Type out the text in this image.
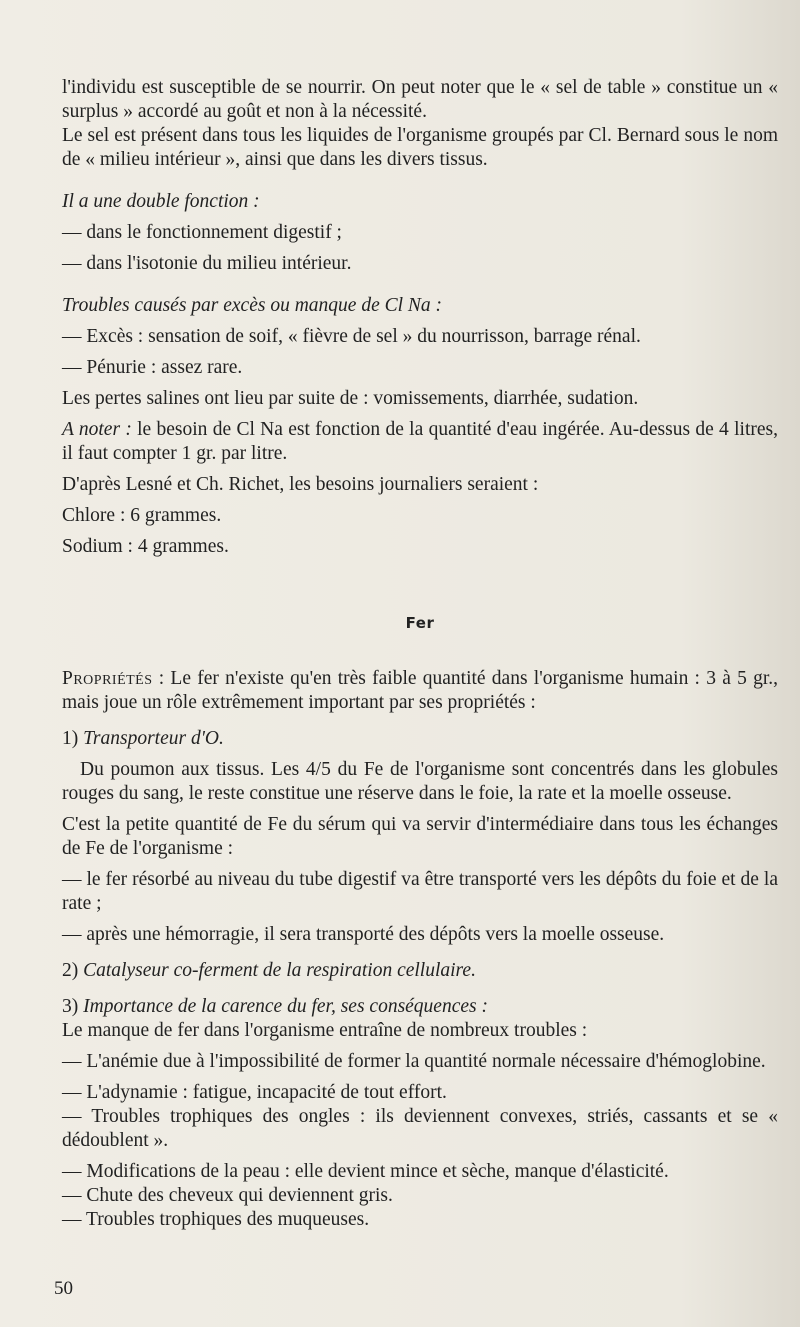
l'individu est susceptible de se nourrir. On peut noter que le « sel de table » constitue un « surplus » accordé au goût et non à la nécessité.

Le sel est présent dans tous les liquides de l'organisme groupés par Cl. Bernard sous le nom de « milieu intérieur », ainsi que dans les divers tissus.

Il a une double fonction :

— dans le fonctionnement digestif ;

— dans l'isotonie du milieu intérieur.

Troubles causés par excès ou manque de Cl Na :

— Excès : sensation de soif, « fièvre de sel » du nourrisson, barrage rénal.

— Pénurie : assez rare.

Les pertes salines ont lieu par suite de : vomissements, diarrhée, sudation.

A noter : le besoin de Cl Na est fonction de la quantité d'eau ingérée. Au-dessus de 4 litres, il faut compter 1 gr. par litre.

D'après Lesné et Ch. Richet, les besoins journaliers seraient :

Chlore : 6 grammes.

Sodium : 4 grammes.

Fer

Propriétés : Le fer n'existe qu'en très faible quantité dans l'organisme humain : 3 à 5 gr., mais joue un rôle extrêmement important par ses propriétés :

1) Transporteur d'O.

Du poumon aux tissus. Les 4/5 du Fe de l'organisme sont concentrés dans les globules rouges du sang, le reste constitue une réserve dans le foie, la rate et la moelle osseuse.

C'est la petite quantité de Fe du sérum qui va servir d'intermédiaire dans tous les échanges de Fe de l'organisme :

— le fer résorbé au niveau du tube digestif va être transporté vers les dépôts du foie et de la rate ;

— après une hémorragie, il sera transporté des dépôts vers la moelle osseuse.

2) Catalyseur co-ferment de la respiration cellulaire.

3) Importance de la carence du fer, ses conséquences :

Le manque de fer dans l'organisme entraîne de nombreux troubles :

— L'anémie due à l'impossibilité de former la quantité normale nécessaire d'hémoglobine.

— L'adynamie : fatigue, incapacité de tout effort.

— Troubles trophiques des ongles : ils deviennent convexes, striés, cassants et se « dédoublent ».

— Modifications de la peau : elle devient mince et sèche, manque d'élasticité.

— Chute des cheveux qui deviennent gris.

— Troubles trophiques des muqueuses.

50
